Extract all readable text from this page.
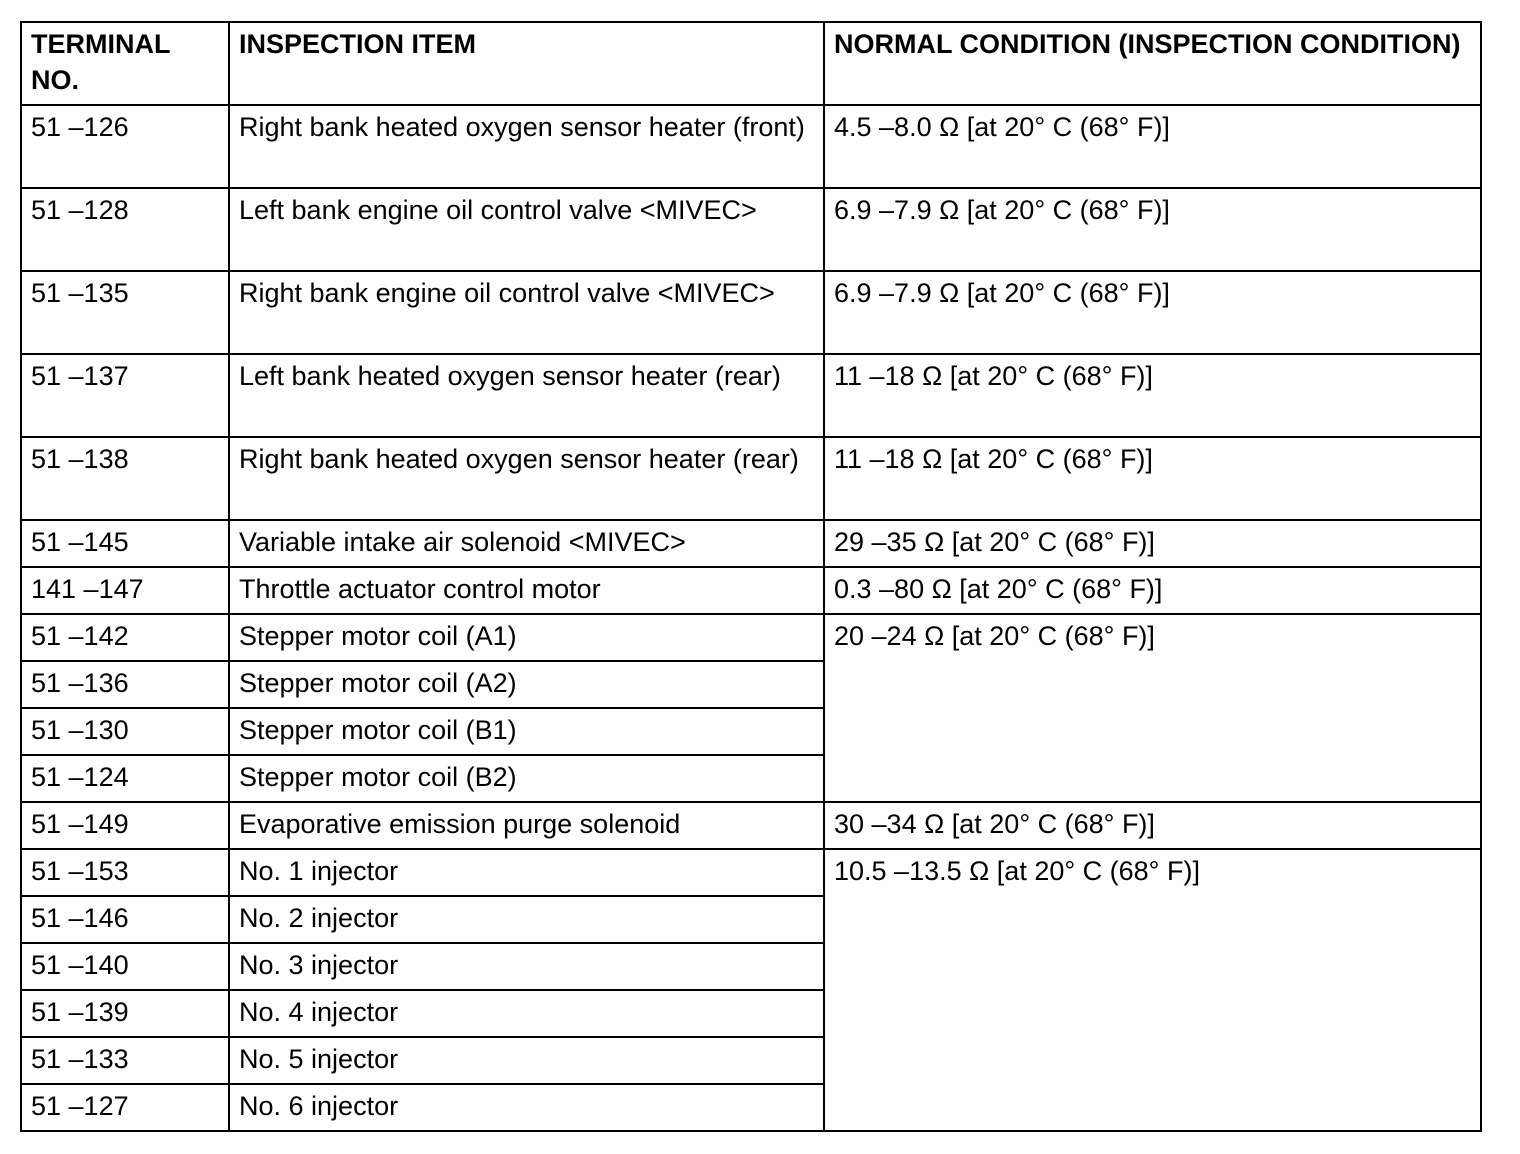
TERMINAL NO.	INSPECTION ITEM	NORMAL CONDITION (INSPECTION CONDITION)
51 –126	Right bank heated oxygen sensor heater (front)	4.5 –8.0 Ω [at 20° C (68° F)]
51 –128	Left bank engine oil control valve <MIVEC>	6.9 –7.9 Ω [at 20° C (68° F)]
51 –135	Right bank engine oil control valve <MIVEC>	6.9 –7.9 Ω [at 20° C (68° F)]
51 –137	Left bank heated oxygen sensor heater (rear)	11 –18 Ω [at 20° C (68° F)]
51 –138	Right bank heated oxygen sensor heater (rear)	11 –18 Ω [at 20° C (68° F)]
51 –145	Variable intake air solenoid <MIVEC>	29 –35 Ω [at 20° C (68° F)]
141 –147	Throttle actuator control motor	0.3 –80 Ω [at 20° C (68° F)]
51 –142	Stepper motor coil (A1)	20 –24 Ω [at 20° C (68° F)]
51 –136	Stepper motor coil (A2)	
51 –130	Stepper motor coil (B1)	
51 –124	Stepper motor coil (B2)	
51 –149	Evaporative emission purge solenoid	30 –34 Ω [at 20° C (68° F)]
51 –153	No. 1 injector	10.5 –13.5 Ω [at 20° C (68° F)]
51 –146	No. 2 injector	
51 –140	No. 3 injector	
51 –139	No. 4 injector	
51 –133	No. 5 injector	
51 –127	No. 6 injector	
